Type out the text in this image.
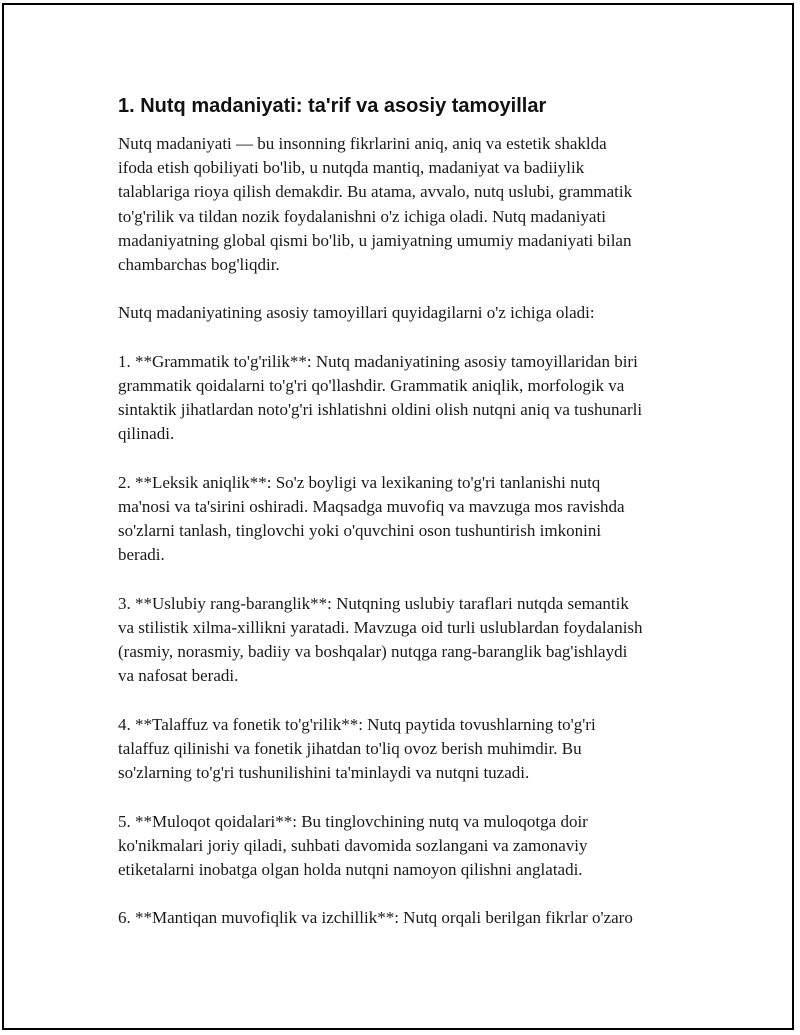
1. Nutq madaniyati: ta'rif va asosiy tamoyillar

Nutq madaniyati — bu insonning fikrlarini aniq, aniq va estetik shaklda
ifoda etish qobiliyati bo'lib, u nutqda mantiq, madaniyat va badiiylik
talablariga rioya qilish demakdir. Bu atama, avvalo, nutq uslubi, grammatik
to'g'rilik va tildan nozik foydalanishni o'z ichiga oladi. Nutq madaniyati
madaniyatning global qismi bo'lib, u jamiyatning umumiy madaniyati bilan
chambarchas bog'liqdir.

Nutq madaniyatining asosiy tamoyillari quyidagilarni o'z ichiga oladi:

1. **Grammatik to'g'rilik**: Nutq madaniyatining asosiy tamoyillaridan biri
grammatik qoidalarni to'g'ri qo'llashdir. Grammatik aniqlik, morfologik va
sintaktik jihatlardan noto'g'ri ishlatishni oldini olish nutqni aniq va tushunarli
qilinadi.

2. **Leksik aniqlik**: So'z boyligi va lexikaning to'g'ri tanlanishi nutq
ma'nosi va ta'sirini oshiradi. Maqsadga muvofiq va mavzuga mos ravishda
so'zlarni tanlash, tinglovchi yoki o'quvchini oson tushuntirish imkonini
beradi.

3. **Uslubiy rang-baranglik**: Nutqning uslubiy taraflari nutqda semantik
va stilistik xilma-xillikni yaratadi. Mavzuga oid turli uslublardan foydalanish
(rasmiy, norasmiy, badiiy va boshqalar) nutqga rang-baranglik bag'ishlaydi
va nafosat beradi.

4. **Talaffuz va fonetik to'g'rilik**: Nutq paytida tovushlarning to'g'ri
talaffuz qilinishi va fonetik jihatdan to'liq ovoz berish muhimdir. Bu
so'zlarning to'g'ri tushunilishini ta'minlaydi va nutqni tuzadi.

5. **Muloqot qoidalari**: Bu tinglovchining nutq va muloqotga doir
ko'nikmalari joriy qiladi, suhbati davomida sozlangani va zamonaviy
etiketalarni inobatga olgan holda nutqni namoyon qilishni anglatadi.

6. **Mantiqan muvofiqlik va izchillik**: Nutq orqali berilgan fikrlar o'zaro
